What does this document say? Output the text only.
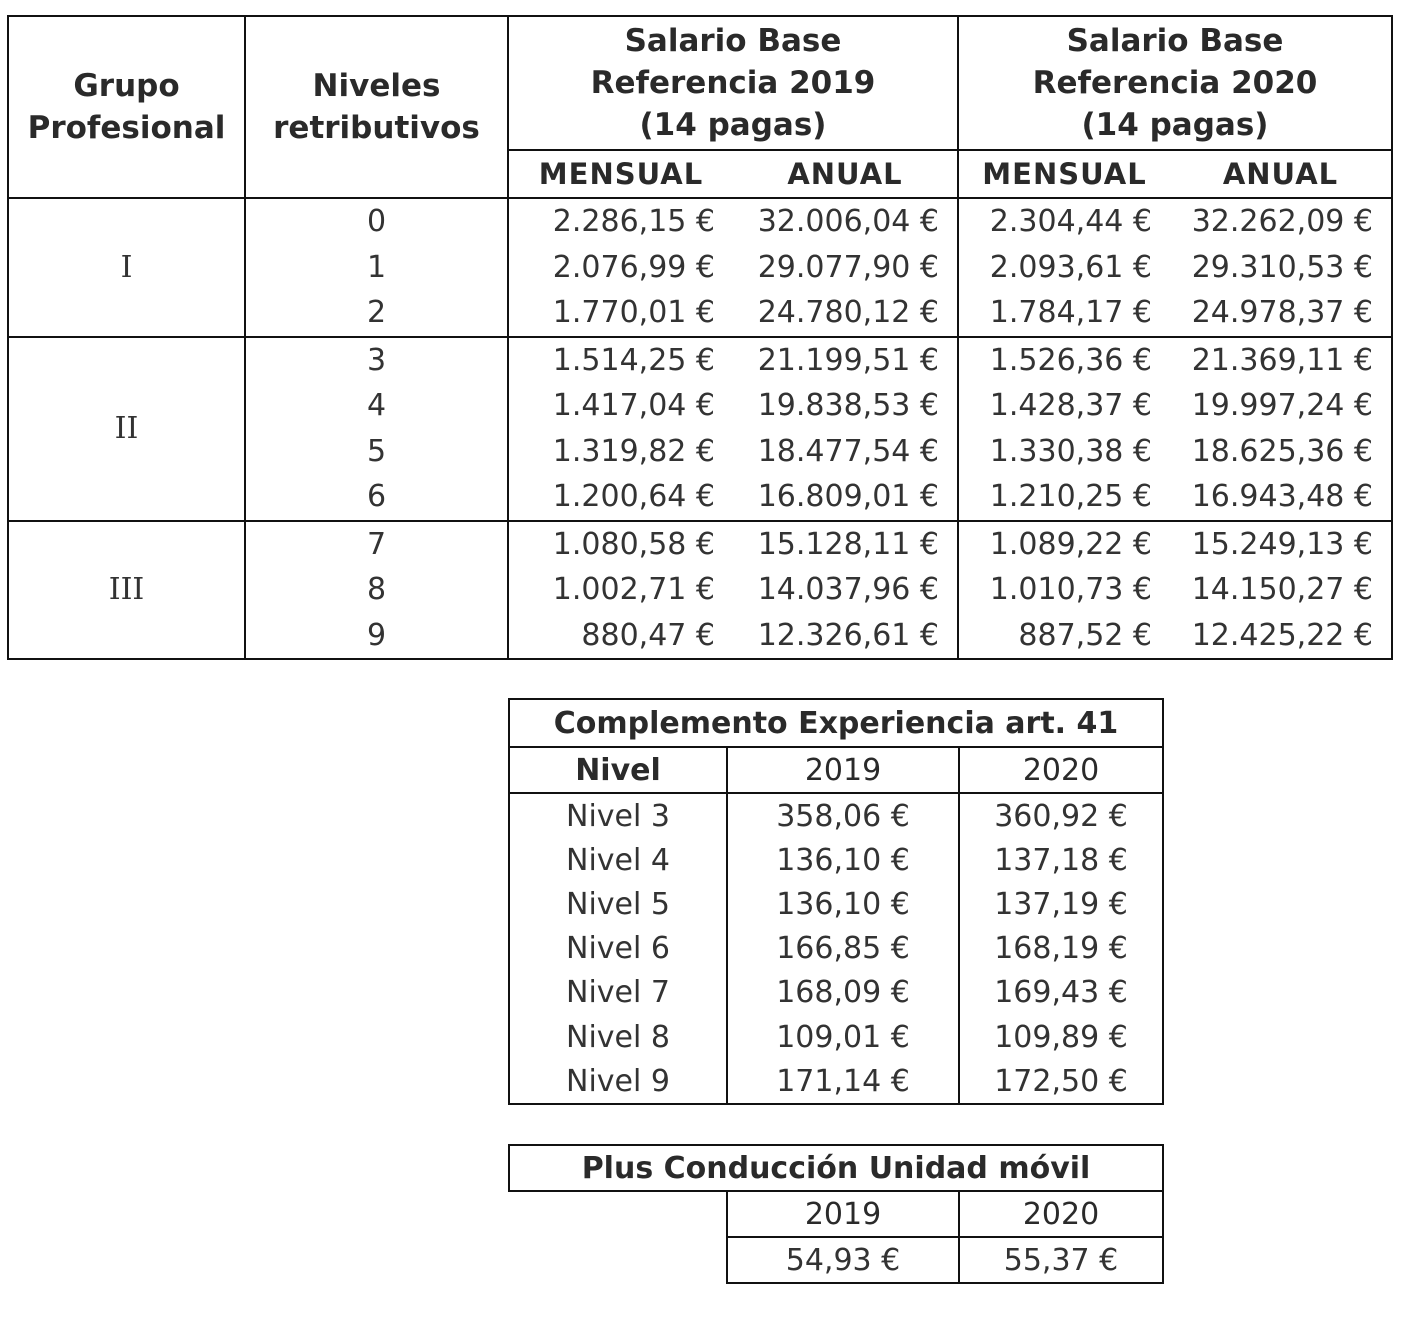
Grupo Profesional	Niveles retributivos	Salario Base Referencia 2019 (14 pagas)		Salario Base Referencia 2020 (14 pagas)	
		MENSUAL	ANUAL	MENSUAL	ANUAL
I	0	2.286,15 €	32.006,04 €	2.304,44 €	32.262,09 €
	1	2.076,99 €	29.077,90 €	2.093,61 €	29.310,53 €
	2	1.770,01 €	24.780,12 €	1.784,17 €	24.978,37 €
II	3	1.514,25 €	21.199,51 €	1.526,36 €	21.369,11 €
	4	1.417,04 €	19.838,53 €	1.428,37 €	19.997,24 €
	5	1.319,82 €	18.477,54 €	1.330,38 €	18.625,36 €
	6	1.200,64 €	16.809,01 €	1.210,25 €	16.943,48 €
III	7	1.080,58 €	15.128,11 €	1.089,22 €	15.249,13 €
	8	1.002,71 €	14.037,96 €	1.010,73 €	14.150,27 €
	9	880,47 €	12.326,61 €	887,52 €	12.425,22 €
Complemento Experiencia art. 41		
Nivel	2019	2020
Nivel 3	358,06 €	360,92 €
Nivel 4	136,10 €	137,18 €
Nivel 5	136,10 €	137,19 €
Nivel 6	166,85 €	168,19 €
Nivel 7	168,09 €	169,43 €
Nivel 8	109,01 €	109,89 €
Nivel 9	171,14 €	172,50 €
Plus Conducción Unidad móvil		
	2019	2020
	54,93 €	55,37 €
